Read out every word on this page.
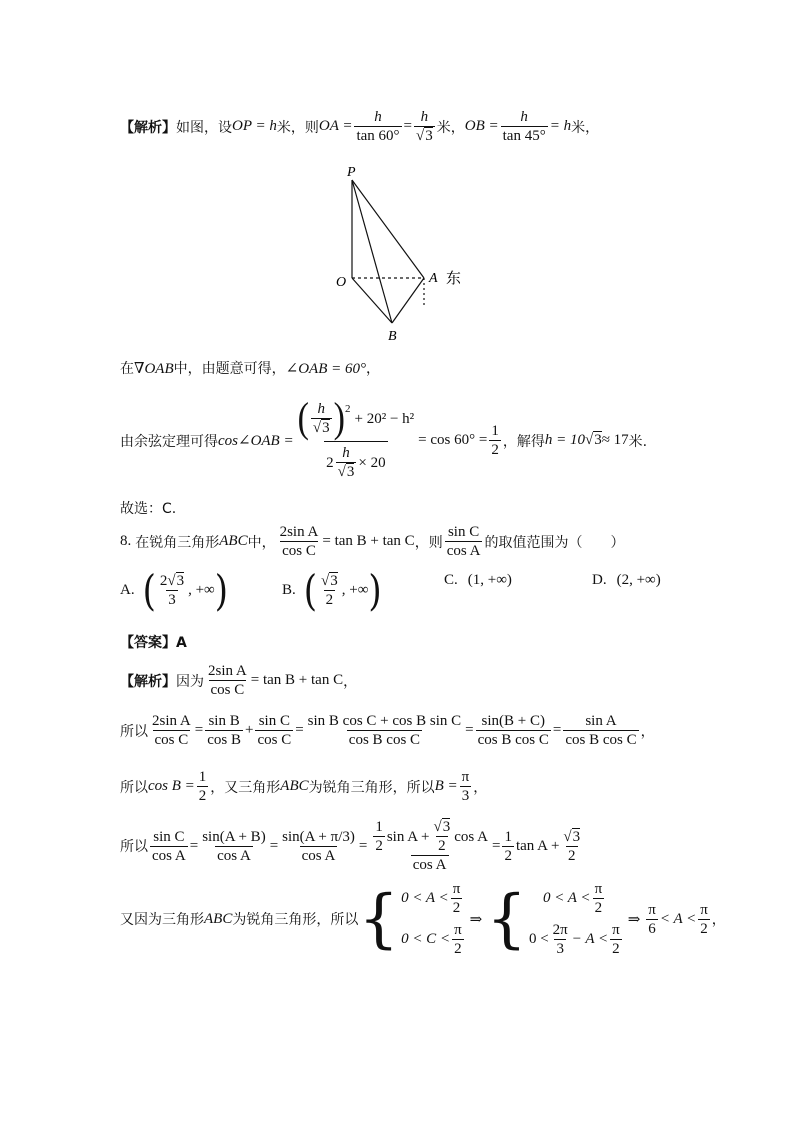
【解析】 如图，设 OP = h 米 ，则 OA = $\frac{h}{\tan 60^\circ} = \frac{h}{√3}$ 米， OB = $\frac{h}{\tan 45^\circ} = h$ 米，
P
O	A 东
B
在 ∇OAB 中，由题意可得， ∠OAB = 60° ，
由余弦定理可得 cos∠OAB = ( $\frac{h}{√3} )^2$
+ 20² − h²
$2 \frac{h}{√3} \times 20$
= $\cos 60^\circ = \frac{1}{2}$ ，解得 h = 10 √3 ≈ 17 米.
故选：C.
8. 在锐角三角形 ABC 中， $\frac{\text{2sin A}}{\text{cos C}} = \tan B + \tan C$ ，则 $\frac{\text{sin C}}{\text{cos A}}$ 的取值范围为（　　）
A. ( $\frac{2√3}{3}$ , +∞ )	B. ( $\frac{√3}{2}$ , +∞ )	C. (1, +∞)	D. (2, +∞)
【答案】A
【解析】 因为 $\frac{\text{2sin A}}{\text{cos C}} = \tan B + \tan C$ ，
所以 $\frac{\text{2sin A}}{\text{cos C}} = \frac{\text{sin B}}{\text{cos B}} + \frac{\text{sin C}}{\text{cos C}} = \frac{\text{sin B cos C + cos B sin C}}{\text{cos B cos C}} = \frac{\sin(B + C)}{\text{cos B cos C}} = \frac{\text{sin A}}{\text{cos B cos C}}$ ，
所以 $\cos B = \frac{1}{2}$ ，又三角形 ABC 为锐角三角形，所以 $B = \frac{\pi}{3}$ ，
所以 $\frac{\text{sin C}}{\text{cos A}} = \frac{\sin(A + B)}{\text{cos A}} = \frac{\sin(A + \pi/3)}{\text{cos A}} = \frac{\frac{1}{2} \sin A + \frac{√3}{2} \cos A}{\text{cos A}} = \frac{1}{2}$ $\tan A + \frac{√3}{2}$
又因为三角形 ABC 为锐角三角形，所以 { $0 < A < \frac{\pi}{2}$
$0 < C < \frac{\pi}{2}$
⇒ { $0 < A < \frac{\pi}{2}$
$0 < \frac{2\pi}{3} - A < \frac{\pi}{2}$
⇒ $\frac{\pi}{6} < A < \frac{\pi}{2}$ ，
